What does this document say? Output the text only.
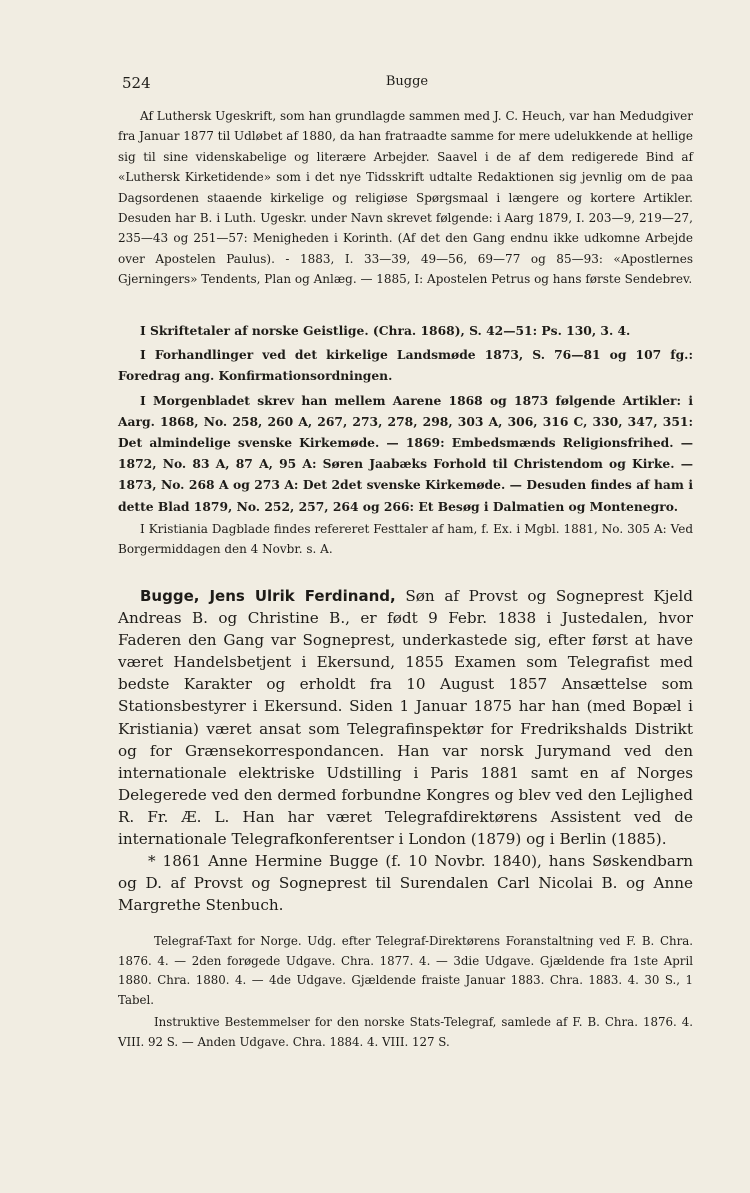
524	Bugge

Af Luthersk Ugeskrift, som han grundlagde sammen med J. C. Heuch, var han Medudgiver fra Januar 1877 til Udløbet af 1880, da han fratraadte samme for mere udelukkende at hellige sig til sine videnskabelige og literære Arbejder. Saavel i de af dem redigerede Bind af «Luthersk Kirketidende» som i det nye Tidsskrift udtalte Redaktionen sig jevnlig om de paa Dagsordenen staaende kirkelige og religiøse Spørgsmaal i længere og kortere Artikler. Desuden har B. i Luth. Ugeskr. under Navn skrevet følgende: i Aarg 1879, I. 203—9, 219—27, 235—43 og 251—57: Menigheden i Korinth. (Af det den Gang endnu ikke udkomne Arbejde over Apostelen Paulus). - 1883, I. 33—39, 49—56, 69—77 og 85—93: «Apostlernes Gjerningers» Tendents, Plan og Anlæg. — 1885, I: Apostelen Petrus og hans første Sendebrev.

I Skriftetaler af norske Geistlige. (Chra. 1868), S. 42—51: Ps. 130, 3. 4.

I Forhandlinger ved det kirkelige Landsmøde 1873, S. 76—81 og 107 fg.: Foredrag ang. Konfirmationsordningen.

I Morgenbladet skrev han mellem Aarene 1868 og 1873 følgende Artikler: i Aarg. 1868, No. 258, 260 A, 267, 273, 278, 298, 303 A, 306, 316 C, 330, 347, 351: Det almindelige svenske Kirkemøde. — 1869: Embedsmænds Religionsfrihed. — 1872, No. 83 A, 87 A, 95 A: Søren Jaabæks Forhold til Christendom og Kirke. — 1873, No. 268 A og 273 A: Det 2det svenske Kirkemøde. — Desuden findes af ham i dette Blad 1879, No. 252, 257, 264 og 266: Et Besøg i Dalmatien og Montenegro.

I Kristiania Dagblade findes refereret Festtaler af ham, f. Ex. i Mgbl. 1881, No. 305 A: Ved Borgermiddagen den 4 Novbr. s. A.

Bugge, Jens Ulrik Ferdinand, Søn af Provst og Sogneprest Kjeld Andreas B. og Christine B., er født 9 Febr. 1838 i Justedalen, hvor Faderen den Gang var Sogneprest, underkastede sig, efter først at have været Handelsbetjent i Ekersund, 1855 Examen som Telegrafist med bedste Karakter og erholdt fra 10 August 1857 Ansættelse som Stationsbestyrer i Ekersund. Siden 1 Januar 1875 har han (med Bopæl i Kristiania) været ansat som Telegrafinspektør for Fredrikshalds Distrikt og for Grænsekorrespondancen. Han var norsk Jurymand ved den internationale elektriske Udstilling i Paris 1881 samt en af Norges Delegerede ved den dermed forbundne Kongres og blev ved den Lejlighed R. Fr. Æ. L. Han har været Telegrafdirektørens Assistent ved de internationale Telegrafkonferentser i London (1879) og i Berlin (1885).

* 1861 Anne Hermine Bugge (f. 10 Novbr. 1840), hans Søskendbarn og D. af Provst og Sogneprest til Surendalen Carl Nicolai B. og Anne Margrethe Stenbuch.

Telegraf-Taxt for Norge. Udg. efter Telegraf-Direktørens Foranstaltning ved F. B. Chra. 1876. 4. — 2den forøgede Udgave. Chra. 1877. 4. — 3die Udgave. Gjældende fra 1ste April 1880. Chra. 1880. 4. — 4de Udgave. Gjældende fraiste Januar 1883. Chra. 1883. 4. 30 S., 1 Tabel.

Instruktive Bestemmelser for den norske Stats-Telegraf, samlede af F. B. Chra. 1876. 4. VIII. 92 S. — Anden Udgave. Chra. 1884. 4. VIII. 127 S.
